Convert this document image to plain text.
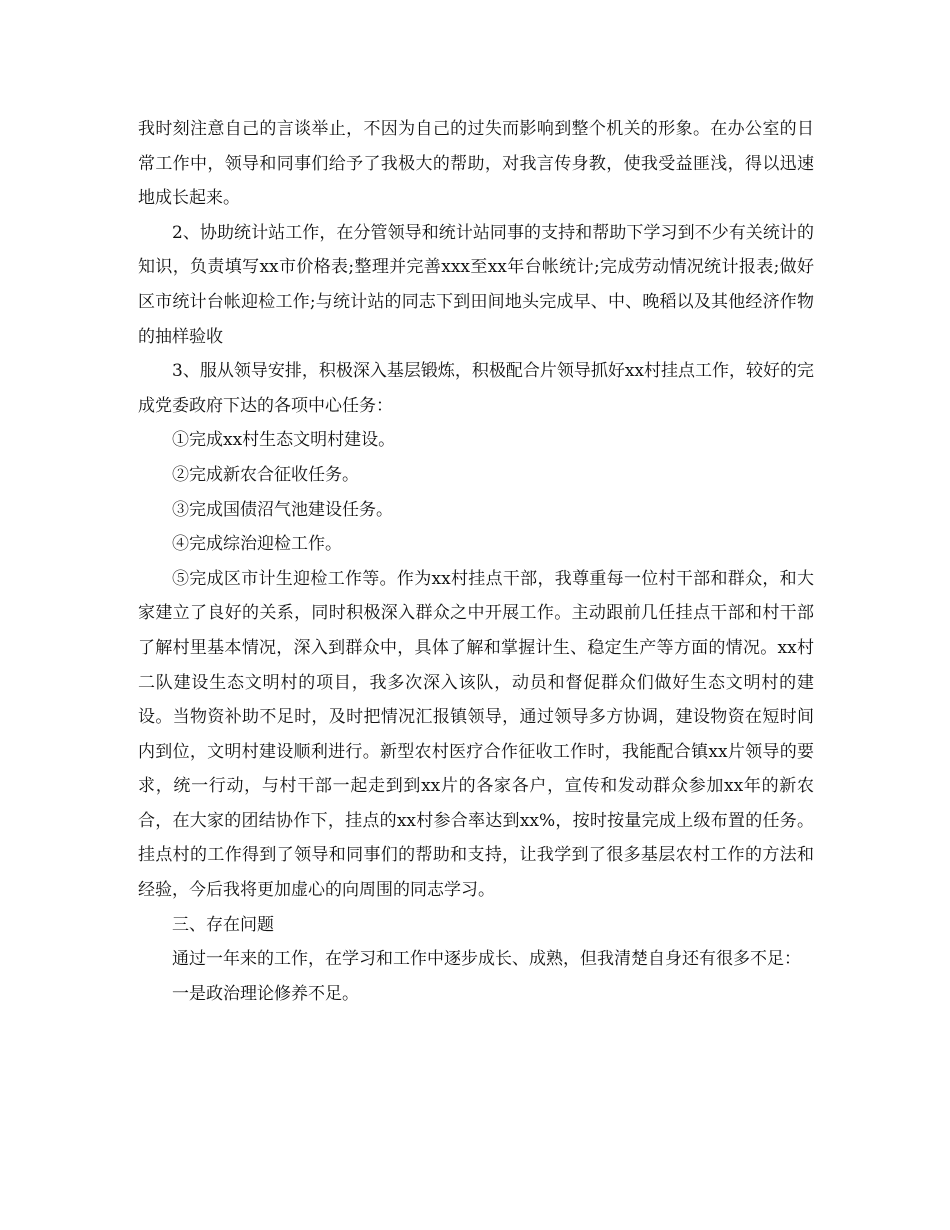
我时刻注意自己的言谈举止，不因为自己的过失而影响到整个机关的形象。在办公室的日常工作中，领导和同事们给予了我极大的帮助，对我言传身教，使我受益匪浅，得以迅速地成长起来。

2、协助统计站工作，在分管领导和统计站同事的支持和帮助下学习到不少有关统计的知识，负责填写xx市价格表;整理并完善xxx至xx年台帐统计;完成劳动情况统计报表;做好区市统计台帐迎检工作;与统计站的同志下到田间地头完成早、中、晚稻以及其他经济作物的抽样验收

3、服从领导安排，积极深入基层锻炼，积极配合片领导抓好xx村挂点工作，较好的完成党委政府下达的各项中心任务：

①完成xx村生态文明村建设。

②完成新农合征收任务。

③完成国债沼气池建设任务。

④完成综治迎检工作。

⑤完成区市计生迎检工作等。作为xx村挂点干部，我尊重每一位村干部和群众，和大家建立了良好的关系，同时积极深入群众之中开展工作。主动跟前几任挂点干部和村干部了解村里基本情况，深入到群众中，具体了解和掌握计生、稳定生产等方面的情况。xx村二队建设生态文明村的项目，我多次深入该队，动员和督促群众们做好生态文明村的建设。当物资补助不足时，及时把情况汇报镇领导，通过领导多方协调，建设物资在短时间内到位，文明村建设顺利进行。新型农村医疗合作征收工作时，我能配合镇xx片领导的要求，统一行动，与村干部一起走到到xx片的各家各户，宣传和发动群众参加xx年的新农合，在大家的团结协作下，挂点的xx村参合率达到xx%，按时按量完成上级布置的任务。挂点村的工作得到了领导和同事们的帮助和支持，让我学到了很多基层农村工作的方法和经验，今后我将更加虚心的向周围的同志学习。

三、存在问题

通过一年来的工作，在学习和工作中逐步成长、成熟，但我清楚自身还有很多不足：

一是政治理论修养不足。
